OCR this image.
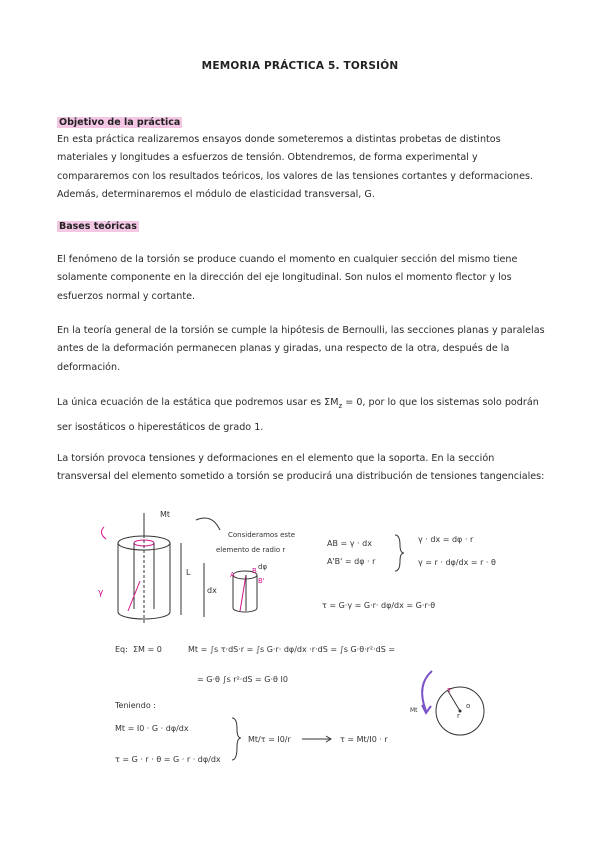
MEMORIA PRÁCTICA 5. TORSIÓN
Objetivo de la práctica
En esta práctica realizaremos ensayos donde someteremos a distintas probetas de distintos materiales y longitudes a esfuerzos de tensión. Obtendremos, de forma experimental y compararemos con los resultados teóricos, los valores de las tensiones cortantes y deformaciones. Además, determinaremos el módulo de elasticidad transversal, G.
Bases teóricas
El fenómeno de la torsión se produce cuando el momento en cualquier sección del mismo tiene solamente componente en la dirección del eje longitudinal. Son nulos el momento flector y los esfuerzos normal y cortante.
En la teoría general de la torsión se cumple la hipótesis de Bernoulli, las secciones planas y paralelas antes de la deformación permanecen planas y giradas, una respecto de la otra, después de la deformación.
La única ecuación de la estática que podremos usar es $\Sigma M_z = 0$, por lo que los sistemas solo podrán ser isostáticos o hiperestáticos de grado 1.
La torsión provoca tensiones y deformaciones en el elemento que la soporta. En la sección transversal del elemento sometido a torsión se producirá una distribución de tensiones tangenciales:
Mt
L
dx
γ
Consideramos este
elemento de radio r
dφ
B
B'
A
AB = γ · dx
A'B' = dφ · r
γ · dx = dφ · r
γ = r · dφ/dx = r · θ
τ = G·γ = G·r· dφ/dx = G·r·θ
Eq: ΣM = 0	Mt = ∫s τ·dS·r = ∫s G·r· dφ/dx ·r·dS = ∫s G·θ·r²·dS =
= G·θ ∫s r²·dS = G·θ I0
Teniendo :
Mt = I0 · G · dφ/dx
τ = G · r · θ = G · r · dφ/dx
Mt/τ = I0/r	τ = Mt/I0 · r
Mt
o
r
τ
